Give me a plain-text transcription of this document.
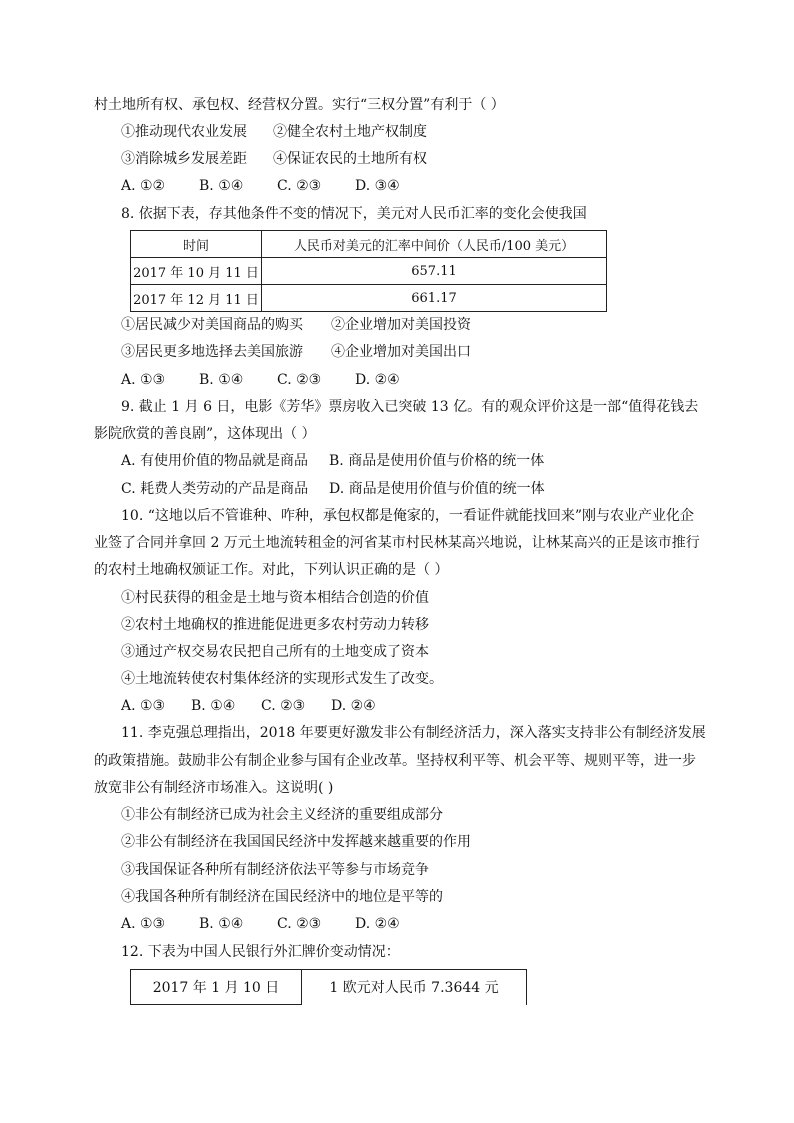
村土地所有权、承包权、经营权分置。实行“三权分置”有利于（ ）
①推动现代农业发展 ②健全农村土地产权制度
③消除城乡发展差距 ④保证农民的土地所有权
A. ①② B. ①④ C. ②③ D. ③④
8. 依据下表，存其他条件不变的情况下，美元对人民币汇率的变化会使我国
时间	人民币对美元的汇率中间价（人民币/100 美元）
2017 年 10 月 11 日	657.11
2017 年 12 月 11 日	661.17
①居民减少对美国商品的购买 ②企业增加对美国投资
③居民更多地选择去美国旅游 ④企业增加对美国出口
A. ①③ B. ①④ C. ②③ D. ②④
9. 截止 1 月 6 日，电影《芳华》票房收入已突破 13 亿。有的观众评价这是一部“值得花钱去
影院欣赏的善良剧”，这体现出（ ）
A. 有使用价值的物品就是商品 B. 商品是使用价值与价格的统一体
C. 耗费人类劳动的产品是商品 D. 商品是使用价值与价值的统一体
10. “这地以后不管谁种、咋种，承包权都是俺家的，一看证件就能找回来”刚与农业产业化企
业签了合同并拿回 2 万元土地流转租金的河省某市村民林某高兴地说，让林某高兴的正是该市推行
的农村土地确权颁证工作。对此，下列认识正确的是（ ）
①村民获得的租金是土地与资本相结合创造的价值
②农村土地确权的推进能促进更多农村劳动力转移
③通过产权交易农民把自己所有的土地变成了资本
④土地流转使农村集体经济的实现形式发生了改变。
A. ①③ B. ①④ C. ②③ D. ②④
11. 李克强总理指出，2018 年要更好激发非公有制经济活力，深入落实支持非公有制经济发展
的政策措施。鼓励非公有制企业参与国有企业改革。坚持权利平等、机会平等、规则平等，进一步
放宽非公有制经济市场准入。这说明( )
①非公有制经济已成为社会主义经济的重要组成部分
②非公有制经济在我国国民经济中发挥越来越重要的作用
③我国保证各种所有制经济依法平等参与市场竞争
④我国各种所有制经济在国民经济中的地位是平等的
A. ①③ B. ①④ C. ②③ D. ②④
12. 下表为中国人民银行外汇牌价变动情况：
2017 年 1 月 10 日	1 欧元对人民币 7.3644 元
